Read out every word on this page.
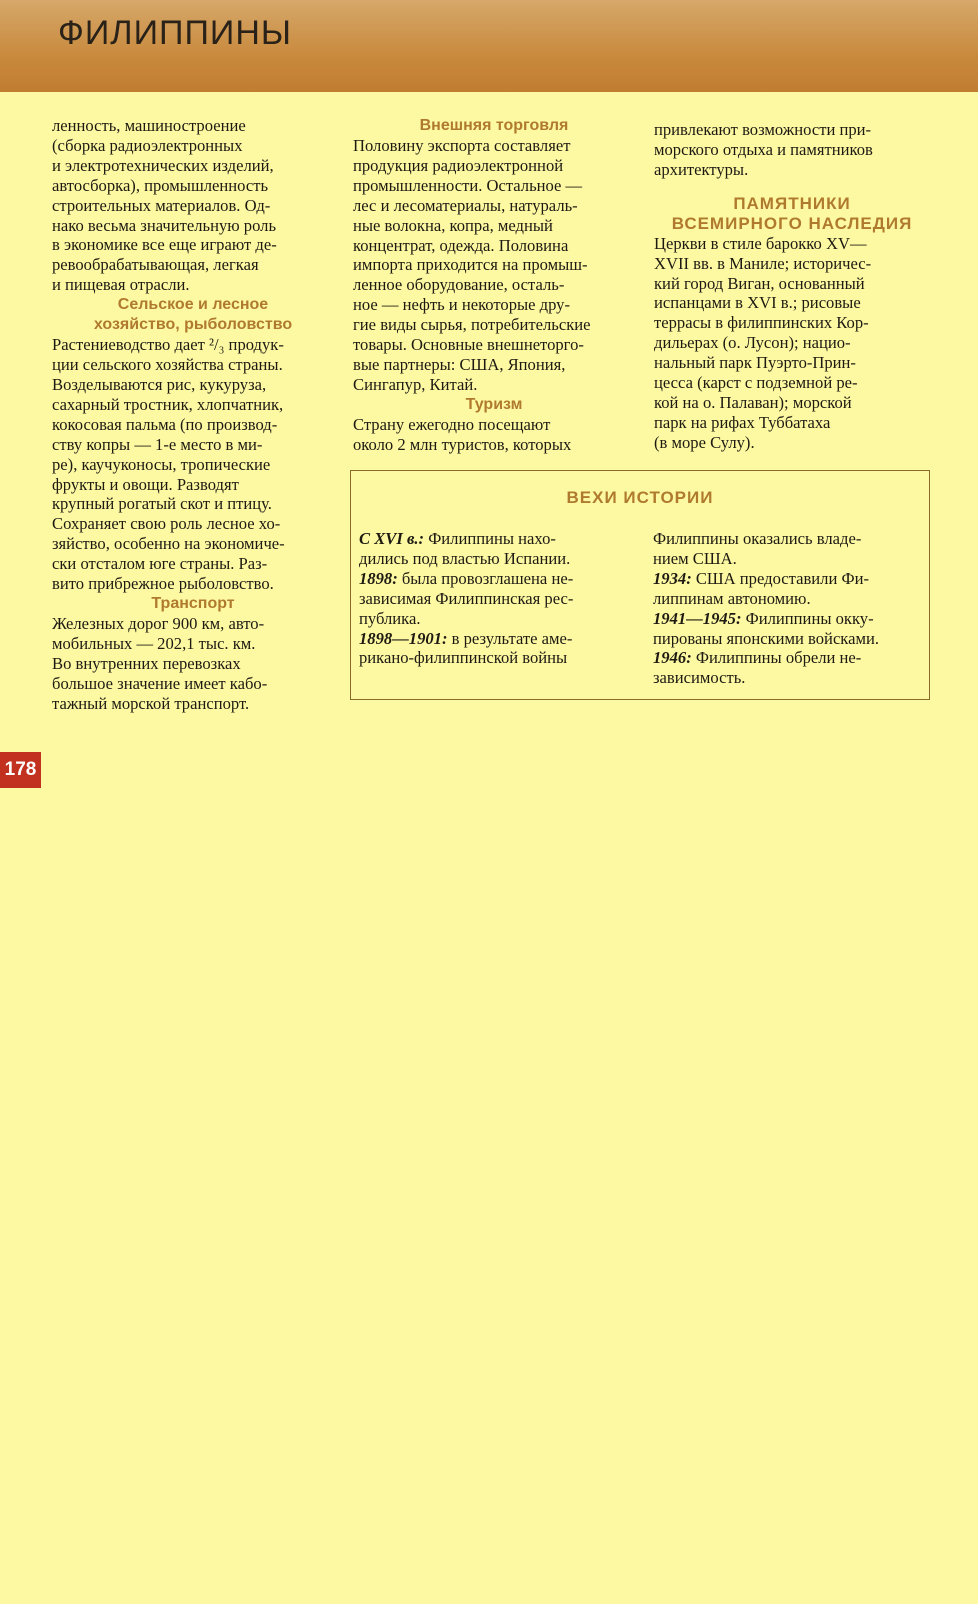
ФИЛИППИНЫ

ленность, машиностроение

(сборка радиоэлектронных

и электротехнических изделий,

автосборка), промышленность

строительных материалов. Од-

нако весьма значительную роль

в экономике все еще играют де-

ревообрабатывающая, легкая

и пищевая отрасли.

Сельское и лесное

хозяйство, рыболовство

Растениеводство дает ²/₃ продук-

ции сельского хозяйства страны.

Возделываются рис, кукуруза,

сахарный тростник, хлопчатник,

кокосовая пальма (по производ-

ству копры — 1-е место в ми-

ре), каучуконосы, тропические

фрукты и овощи. Разводят

крупный рогатый скот и птицу.

Сохраняет свою роль лесное хо-

зяйство, особенно на экономиче-

ски отсталом юге страны. Раз-

вито прибрежное рыболовство.

Транспорт

Железных дорог 900 км, авто-

мобильных — 202,1 тыс. км.

Во внутренних перевозках

большое значение имеет кабо-

тажный морской транспорт.

Внешняя торговля

Половину экспорта составляет

продукция радиоэлектронной

промышленности. Остальное —

лес и лесоматериалы, натураль-

ные волокна, копра, медный

концентрат, одежда. Половина

импорта приходится на промыш-

ленное оборудование, осталь-

ное — нефть и некоторые дру-

гие виды сырья, потребительские

товары. Основные внешнеторго-

вые партнеры: США, Япония,

Сингапур, Китай.

Туризм

Страну ежегодно посещают

около 2 млн туристов, которых

привлекают возможности при-

морского отдыха и памятников

архитектуры.

ПАМЯТНИКИ

ВСЕМИРНОГО НАСЛЕДИЯ

Церкви в стиле барокко XV—

XVII вв. в Маниле; историчес-

кий город Виган, основанный

испанцами в XVI в.; рисовые

террасы в филиппинских Кор-

дильерах (о. Лусон); нацио-

нальный парк Пуэрто-Прин-

цесса (карст с подземной ре-

кой на о. Палаван); морской

парк на рифах Туббатаха

(в море Сулу).

ВЕХИ ИСТОРИИ

С XVI в.: Филиппины нахо-

дились под властью Испании.

1898: была провозглашена не-

зависимая Филиппинская рес-

публика.

1898—1901: в результате аме-

рикано-филиппинской войны

Филиппины оказались владе-

нием США.

1934: США предоставили Фи-

липпинам автономию.

1941—1945: Филиппины окку-

пированы японскими войсками.

1946: Филиппины обрели не-

зависимость.

178
